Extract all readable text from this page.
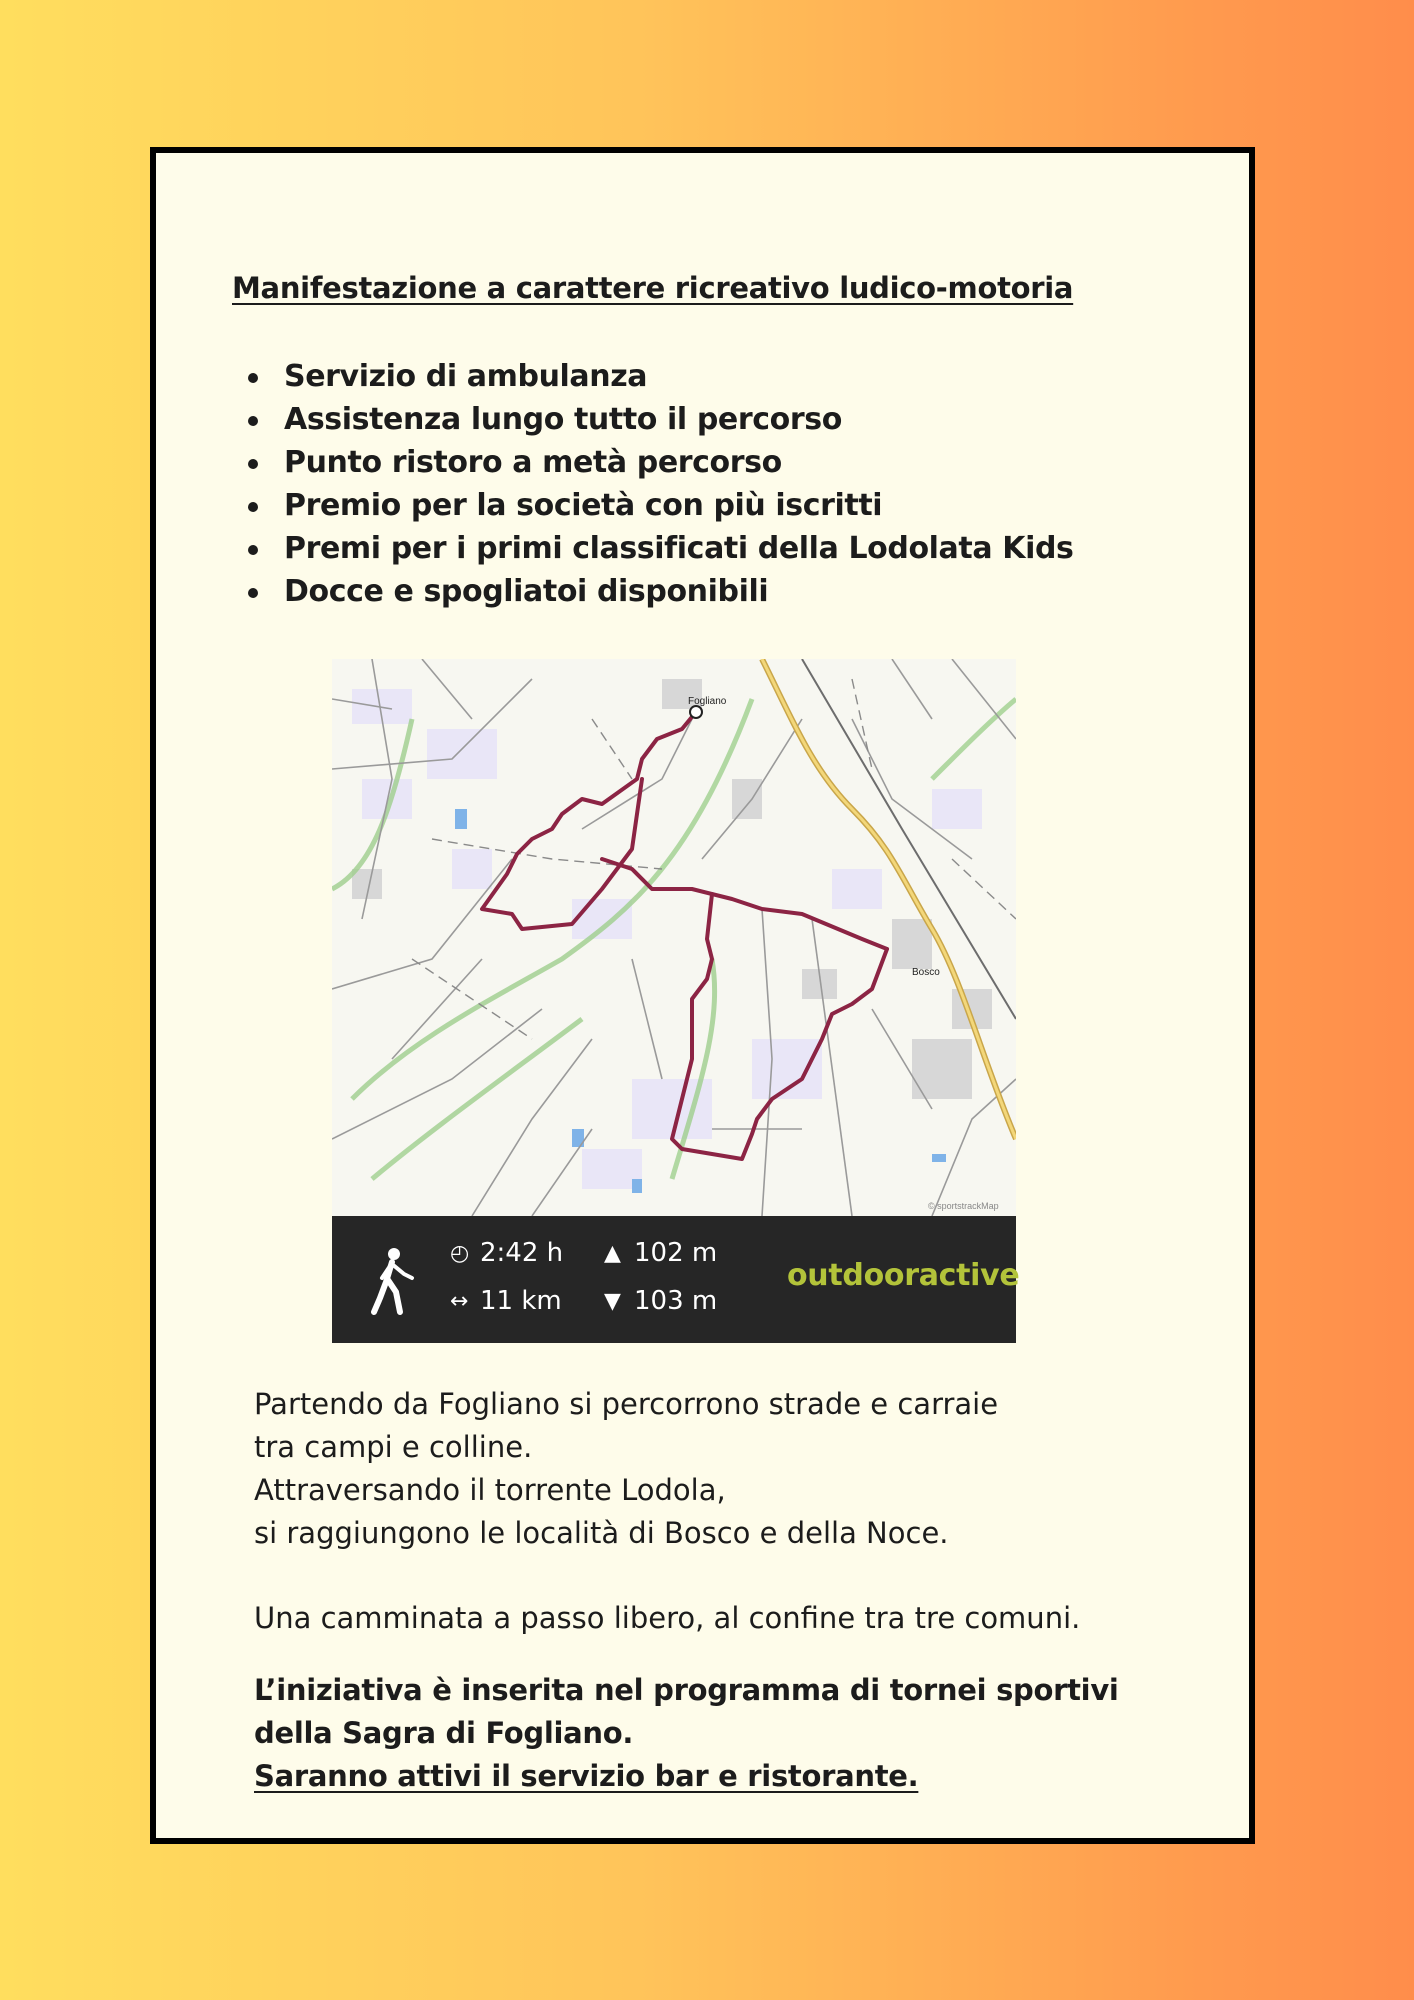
Manifestazione a carattere ricreativo ludico-motoria
Servizio di ambulanza
Assistenza lungo tutto il percorso
Punto ristoro a metà percorso
Premio per la società con più iscritti
Premi per i primi classificati della Lodolata Kids
Docce e spogliatoi disponibili
Fogliano
Bosco
© sportstrackMap
◴ 2:42 h
↔ 11 km
▲ 102 m
▼ 103 m
outdooractive

Partendo da Fogliano si percorrono strade e carraie

tra campi e colline.

Attraversando il torrente Lodola,

si raggiungono le località di Bosco e della Noce.

Una camminata a passo libero, al confine tra tre comuni.

L’iniziativa è inserita nel programma di tornei sportivi

della Sagra di Fogliano.

Saranno attivi il servizio bar e ristorante.
